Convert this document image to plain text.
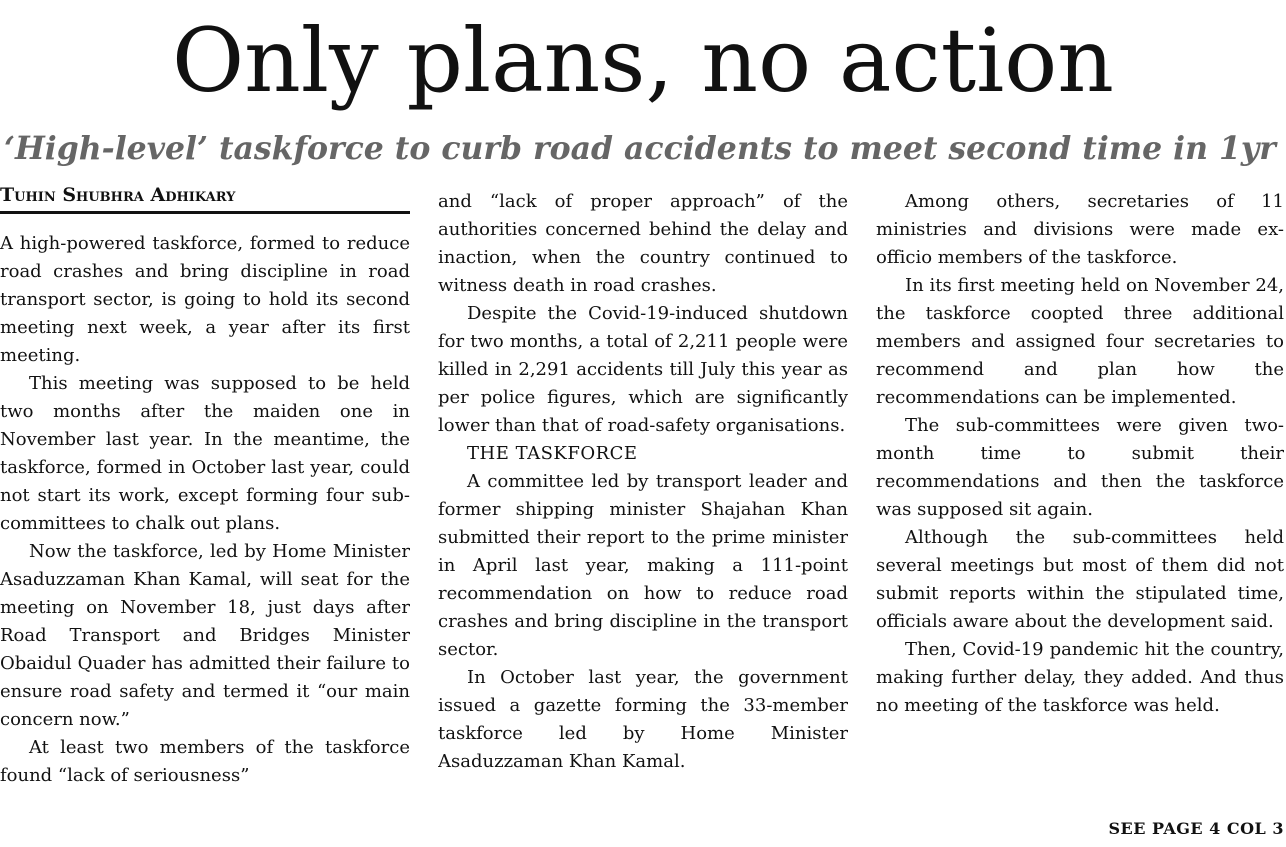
Only plans, no action
‘High-level’ taskforce to curb road accidents to meet second time in 1yr
Tuhin Shubhra Adhikary

A high-powered taskforce, formed to reduce road crashes and bring discipline in road transport sector, is going to hold its second meeting next week, a year after its first meeting.

This meeting was supposed to be held two months after the maiden one in November last year. In the meantime, the taskforce, formed in October last year, could not start its work, except forming four sub-committees to chalk out plans.

Now the taskforce, led by Home Minister Asaduzzaman Khan Kamal, will seat for the meeting on November 18, just days after Road Transport and Bridges Minister Obaidul Quader has admitted their failure to ensure road safety and termed it “our main concern now.”

At least two members of the taskforce found “lack of seriousness”

and “lack of proper approach” of the authorities concerned behind the delay and inaction, when the country continued to witness death in road crashes.

Despite the Covid-19-induced shutdown for two months, a total of 2,211 people were killed in 2,291 accidents till July this year as per police figures, which are significantly lower than that of road-safety organisations.

THE TASKFORCE

A committee led by transport leader and former shipping minister Shajahan Khan submitted their report to the prime minister in April last year, making a 111-point recommendation on how to reduce road crashes and bring discipline in the transport sector.

In October last year, the government issued a gazette forming the 33-member taskforce led by Home Minister Asaduzzaman Khan Kamal.

Among others, secretaries of 11 ministries and divisions were made ex-officio members of the taskforce.

In its first meeting held on November 24, the taskforce coopted three additional members and assigned four secretaries to recommend and plan how the recommendations can be implemented.

The sub-committees were given two-month time to submit their recommendations and then the taskforce was supposed sit again.

Although the sub-committees held several meetings but most of them did not submit reports within the stipulated time, officials aware about the development said.

Then, Covid-19 pandemic hit the country, making further delay, they added. And thus no meeting of the taskforce was held.

SEE PAGE 4 COL 3
